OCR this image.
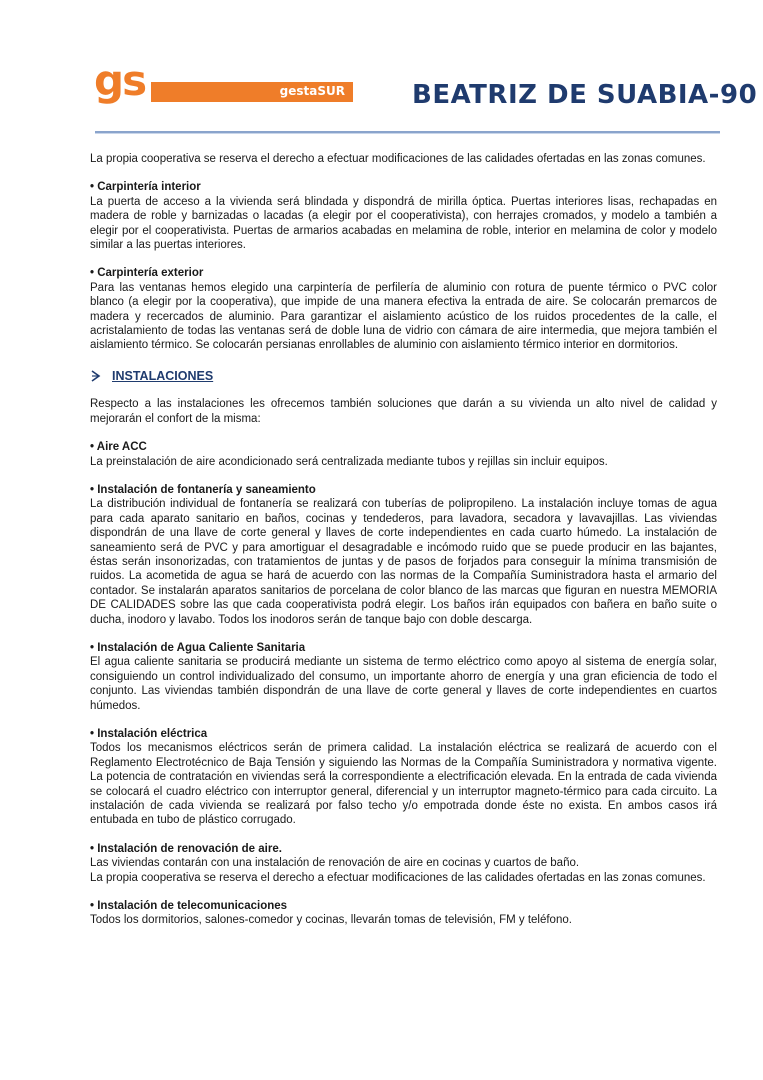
gs	gestaSUR	BEATRIZ DE SUABIA-90

La propia cooperativa se reserva el derecho a efectuar modificaciones de las calidades ofertadas en las zonas comunes.

• Carpintería interior

La puerta de acceso a la vivienda será blindada y dispondrá de mirilla óptica. Puertas interiores lisas, rechapadas en madera de roble y barnizadas o lacadas (a elegir por el cooperativista), con herrajes cromados, y modelo a también a elegir por el cooperativista. Puertas de armarios acabadas en melamina de roble, interior en melamina de color y modelo similar a las puertas interiores.

• Carpintería exterior

Para las ventanas hemos elegido una carpintería de perfilería de aluminio con rotura de puente térmico o PVC color blanco (a elegir por la cooperativa), que impide de una manera efectiva la entrada de aire. Se colocarán premarcos de madera y recercados de aluminio. Para garantizar el aislamiento acústico de los ruidos procedentes de la calle, el acristalamiento de todas las ventanas será de doble luna de vidrio con cámara de aire intermedia, que mejora también el aislamiento térmico. Se colocarán persianas enrollables de aluminio con aislamiento térmico interior en dormitorios.

INSTALACIONES

Respecto a las instalaciones les ofrecemos también soluciones que darán a su vivienda un alto nivel de calidad y mejorarán el confort de la misma:

• Aire ACC

La preinstalación de aire acondicionado será centralizada mediante tubos y rejillas sin incluir equipos.

• Instalación de fontanería y saneamiento

La distribución individual de fontanería se realizará con tuberías de polipropileno. La instalación incluye tomas de agua para cada aparato sanitario en baños, cocinas y tendederos, para lavadora, secadora y lavavajillas. Las viviendas dispondrán de una llave de corte general y llaves de corte independientes en cada cuarto húmedo. La instalación de saneamiento será de PVC y para amortiguar el desagradable e incómodo ruido que se puede producir en las bajantes, éstas serán insonorizadas, con tratamientos de juntas y de pasos de forjados para conseguir la mínima transmisión de ruidos. La acometida de agua se hará de acuerdo con las normas de la Compañía Suministradora hasta el armario del contador. Se instalarán aparatos sanitarios de porcelana de color blanco de las marcas que figuran en nuestra MEMORIA DE CALIDADES sobre las que cada cooperativista podrá elegir. Los baños irán equipados con bañera en baño suite o ducha, inodoro y lavabo. Todos los inodoros serán de tanque bajo con doble descarga.

• Instalación de Agua Caliente Sanitaria

El agua caliente sanitaria se producirá mediante un sistema de termo eléctrico como apoyo al sistema de energía solar, consiguiendo un control individualizado del consumo, un importante ahorro de energía y una gran eficiencia de todo el conjunto. Las viviendas también dispondrán de una llave de corte general y llaves de corte independientes en cuartos húmedos.

• Instalación eléctrica

Todos los mecanismos eléctricos serán de primera calidad. La instalación eléctrica se realizará de acuerdo con el Reglamento Electrotécnico de Baja Tensión y siguiendo las Normas de la Compañía Suministradora y normativa vigente. La potencia de contratación en viviendas será la correspondiente a electrificación elevada. En la entrada de cada vivienda se colocará el cuadro eléctrico con interruptor general, diferencial y un interruptor magneto-térmico para cada circuito. La instalación de cada vivienda se realizará por falso techo y/o empotrada donde éste no exista. En ambos casos irá entubada en tubo de plástico corrugado.

• Instalación de renovación de aire.

Las viviendas contarán con una instalación de renovación de aire en cocinas y cuartos de baño.

La propia cooperativa se reserva el derecho a efectuar modificaciones de las calidades ofertadas en las zonas comunes.

• Instalación de telecomunicaciones

Todos los dormitorios, salones-comedor y cocinas, llevarán tomas de televisión, FM y teléfono.
